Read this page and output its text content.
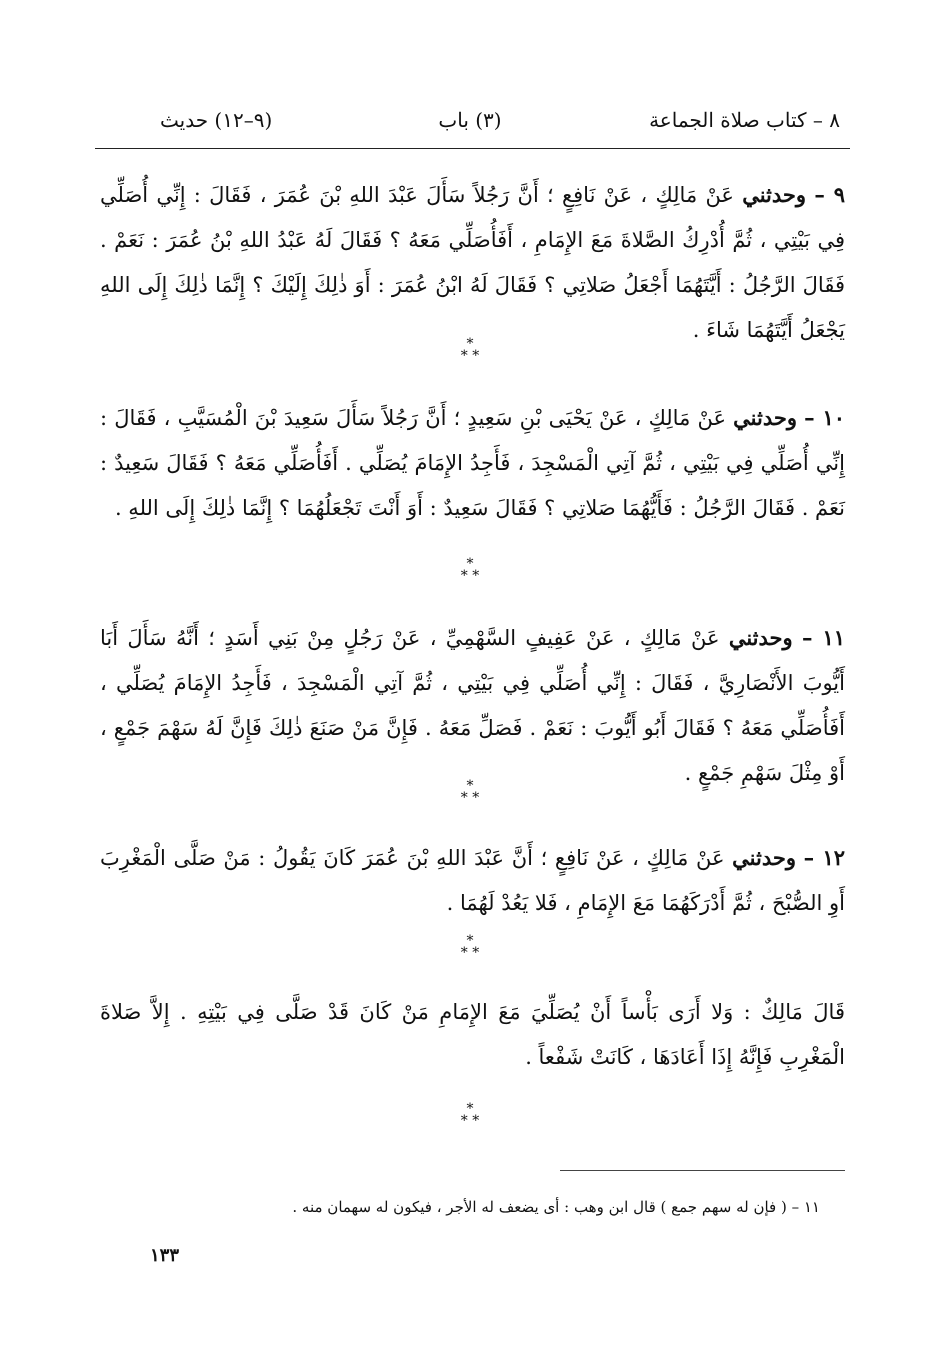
٨ – كتاب صلاة الجماعة
(٣) باب
(٩–١٢) حديث

٩ – وحدثني عَنْ مَالِكٍ ، عَنْ نَافِعٍ ؛ أَنَّ رَجُلاً سَأَلَ عَبْدَ اللهِ بْنَ عُمَرَ ، فَقَالَ : إِنِّي أُصَلِّي فِي بَيْتِي ، ثُمَّ أُدْرِكُ الصَّلاةَ مَعَ الإِمَامِ ، أَفَأُصَلِّي مَعَهُ ؟ فَقَالَ لَهُ عَبْدُ اللهِ بْنُ عُمَرَ : نَعَمْ . فَقَالَ الرَّجُلُ : أَيَّتَهُمَا أَجْعَلُ صَلاتِي ؟ فَقَالَ لَهُ ابْنُ عُمَرَ : أَوَ ذٰلِكَ إِلَيْكَ ؟ إِنَّمَا ذٰلِكَ إِلَى اللهِ يَجْعَلُ أَيَّتَهُمَا شَاءَ .

*
* *

١٠ – وحدثني عَنْ مَالِكٍ ، عَنْ يَحْيَى بْنِ سَعِيدٍ ؛ أَنَّ رَجُلاً سَأَلَ سَعِيدَ بْنَ الْمُسَيَّبِ ، فَقَالَ : إِنِّي أُصَلِّي فِي بَيْتِي ، ثُمَّ آتِي الْمَسْجِدَ ، فَأَجِدُ الإِمَامَ يُصَلِّي . أَفَأُصَلِّي مَعَهُ ؟ فَقَالَ سَعِيدٌ : نَعَمْ . فَقَالَ الرَّجُلُ : فَأَيُّهُمَا صَلاتِي ؟ فَقَالَ سَعِيدٌ : أَوَ أَنْتَ تَجْعَلُهُمَا ؟ إِنَّمَا ذٰلِكَ إِلَى اللهِ .

*
* *

١١ – وحدثني عَنْ مَالِكٍ ، عَنْ عَفِيفٍ السَّهْمِيِّ ، عَنْ رَجُلٍ مِنْ بَنِي أَسَدٍ ؛ أَنَّهُ سَأَلَ أَبَا أَيُّوبَ الأَنْصَارِيَّ ، فَقَالَ : إِنِّي أُصَلِّي فِي بَيْتِي ، ثُمَّ آتِي الْمَسْجِدَ ، فَأَجِدُ الإِمَامَ يُصَلِّي ، أَفَأُصَلِّي مَعَهُ ؟ فَقَالَ أَبُو أَيُّوبَ : نَعَمْ . فَصَلِّ مَعَهُ . فَإِنَّ مَنْ صَنَعَ ذٰلِكَ فَإِنَّ لَهُ سَهْمَ جَمْعٍ ، أَوْ مِثْلَ سَهْمِ جَمْعٍ .

*
* *

١٢ – وحدثني عَنْ مَالِكٍ ، عَنْ نَافِعٍ ؛ أَنَّ عَبْدَ اللهِ بْنَ عُمَرَ كَانَ يَقُولُ : مَنْ صَلَّى الْمَغْرِبَ أَوِ الصُّبْحَ ، ثُمَّ أَدْرَكَهُمَا مَعَ الإِمَامِ ، فَلا يَعُدْ لَهُمَا .

*
* *

قَالَ مَالِكٌ : وَلا أَرَى بَأْساً أَنْ يُصَلِّيَ مَعَ الإِمَامِ مَنْ كَانَ قَدْ صَلَّى فِي بَيْتِهِ . إِلاَّ صَلاةَ الْمَغْرِبِ فَإِنَّهُ إِذَا أَعَادَهَا ، كَانَتْ شَفْعاً .

*
* *

١١ – ( فإن له سهم جمع ) قال ابن وهب : أى يضعف له الأجر ، فيكون له سهمان منه .

١٣٣
